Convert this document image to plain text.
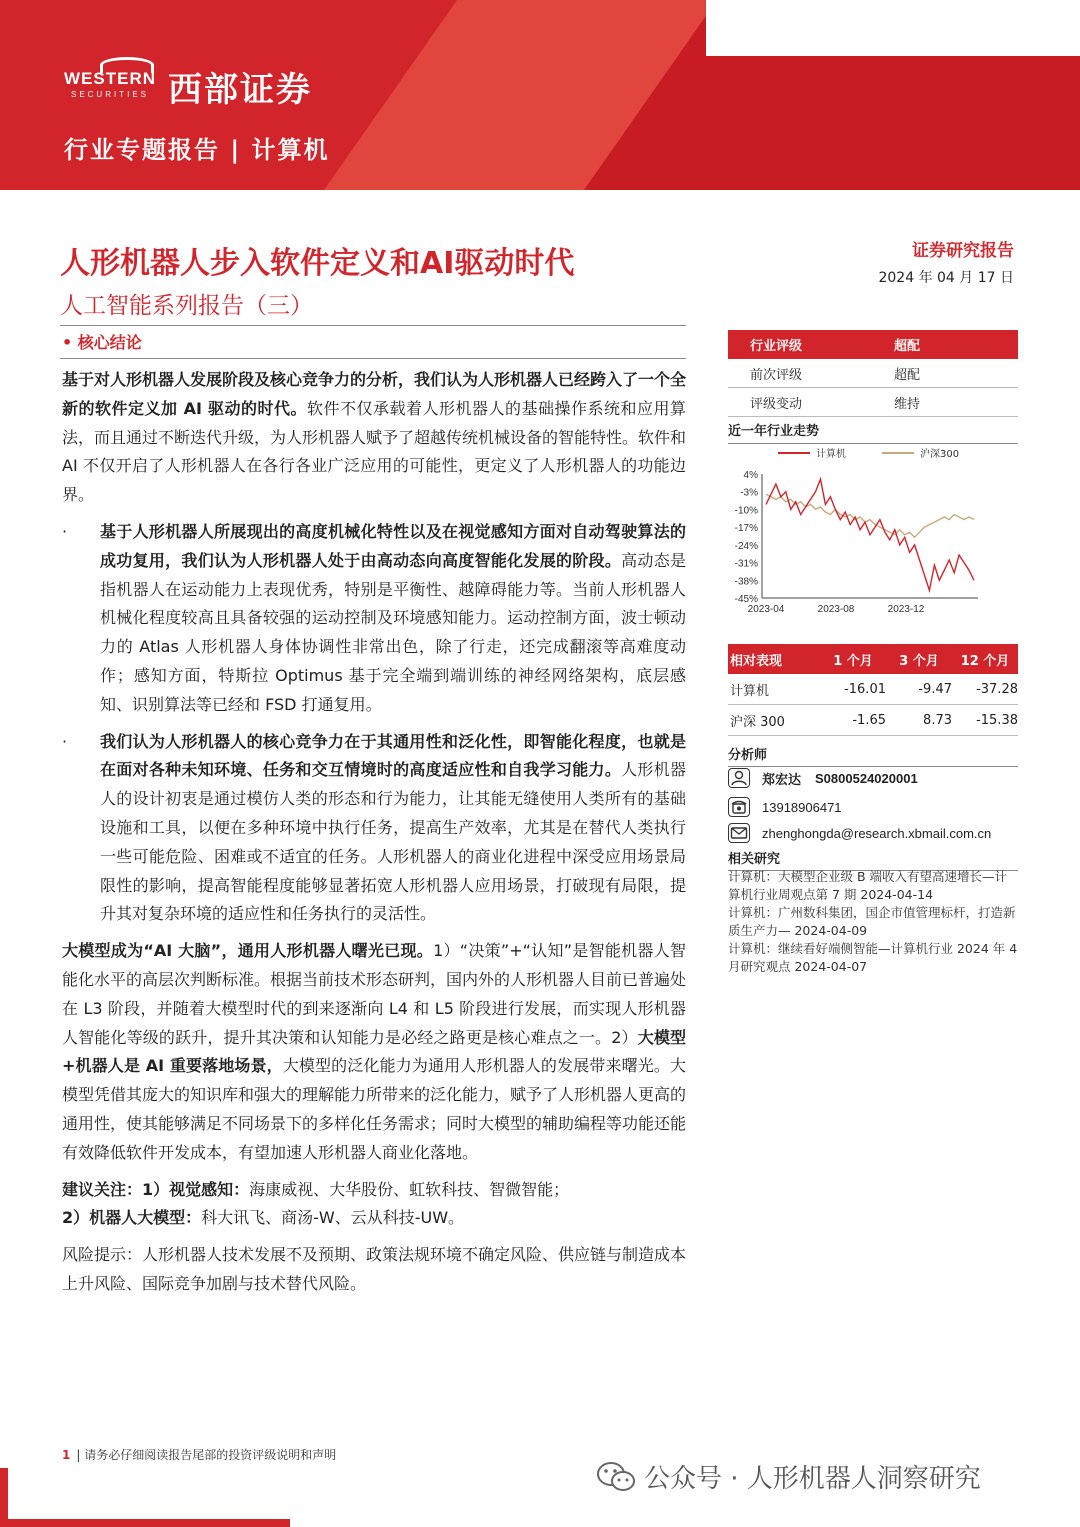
WESTERN
SECURITIES 西部证券
行业专题报告 | 计算机
人形机器人步入软件定义和AI驱动时代
人工智能系列报告（三）
证券研究报告
2024 年 04 月 17 日
• 核心结论

基于对人形机器人发展阶段及核心竞争力的分析，我们认为人形机器人已经跨入了一个全新的软件定义加 AI 驱动的时代。软件不仅承载着人形机器人的基础操作系统和应用算法，而且通过不断迭代升级，为人形机器人赋予了超越传统机械设备的智能特性。软件和 AI 不仅开启了人形机器人在各行各业广泛应用的可能性，更定义了人形机器人的功能边界。

· 基于人形机器人所展现出的高度机械化特性以及在视觉感知方面对自动驾驶算法的成功复用，我们认为人形机器人处于由高动态向高度智能化发展的阶段。高动态是指机器人在运动能力上表现优秀，特别是平衡性、越障碍能力等。当前人形机器人机械化程度较高且具备较强的运动控制及环境感知能力。运动控制方面，波士顿动力的 Atlas 人形机器人身体协调性非常出色，除了行走，还完成翻滚等高难度动作；感知方面，特斯拉 Optimus 基于完全端到端训练的神经网络架构，底层感知、识别算法等已经和 FSD 打通复用。

· 我们认为人形机器人的核心竞争力在于其通用性和泛化性，即智能化程度，也就是在面对各种未知环境、任务和交互情境时的高度适应性和自我学习能力。人形机器人的设计初衷是通过模仿人类的形态和行为能力，让其能无缝使用人类所有的基础设施和工具，以便在多种环境中执行任务，提高生产效率，尤其是在替代人类执行一些可能危险、困难或不适宜的任务。人形机器人的商业化进程中深受应用场景局限性的影响，提高智能程度能够显著拓宽人形机器人应用场景，打破现有局限，提升其对复杂环境的适应性和任务执行的灵活性。

大模型成为“AI 大脑”，通用人形机器人曙光已现。1）“决策”+“认知”是智能机器人智能化水平的高层次判断标准。根据当前技术形态研判，国内外的人形机器人目前已普遍处在 L3 阶段，并随着大模型时代的到来逐渐向 L4 和 L5 阶段进行发展，而实现人形机器人智能化等级的跃升，提升其决策和认知能力是必经之路更是核心难点之一。2）大模型+机器人是 AI 重要落地场景，大模型的泛化能力为通用人形机器人的发展带来曙光。大模型凭借其庞大的知识库和强大的理解能力所带来的泛化能力，赋予了人形机器人更高的通用性，使其能够满足不同场景下的多样化任务需求；同时大模型的辅助编程等功能还能有效降低软件开发成本，有望加速人形机器人商业化落地。

建议关注：1）视觉感知：海康威视、大华股份、虹软科技、智微智能；
2）机器人大模型：科大讯飞、商汤-W、云从科技-UW。

风险提示：人形机器人技术发展不及预期、政策法规环境不确定风险、供应链与制造成本上升风险、国际竞争加剧与技术替代风险。

行业评级	超配
前次评级	超配
评级变动	维持
近一年行业走势
计算机	沪深300
4%
-3%
-10%
-17%
-24%
-31%
-38%
-45%
2023-04	2023-08	2023-12
相对表现	1 个月	3 个月	12 个月
计算机	-16.01	-9.47	-37.28
沪深 300	-1.65	8.73	-15.38
分析师
郑宏达 S0800524020001
13918906471
zhenghongda@research.xbmail.com.cn
相关研究

计算机：大模型企业级 B 端收入有望高速增长—计算机行业周观点第 7 期 2024-04-14

计算机：广州数科集团，国企市值管理标杆，打造新质生产力— 2024-04-09

计算机：继续看好端侧智能—计算机行业 2024 年 4 月研究观点 2024-04-07

1 | 请务必仔细阅读报告尾部的投资评级说明和声明
公众号 · 人形机器人洞察研究
